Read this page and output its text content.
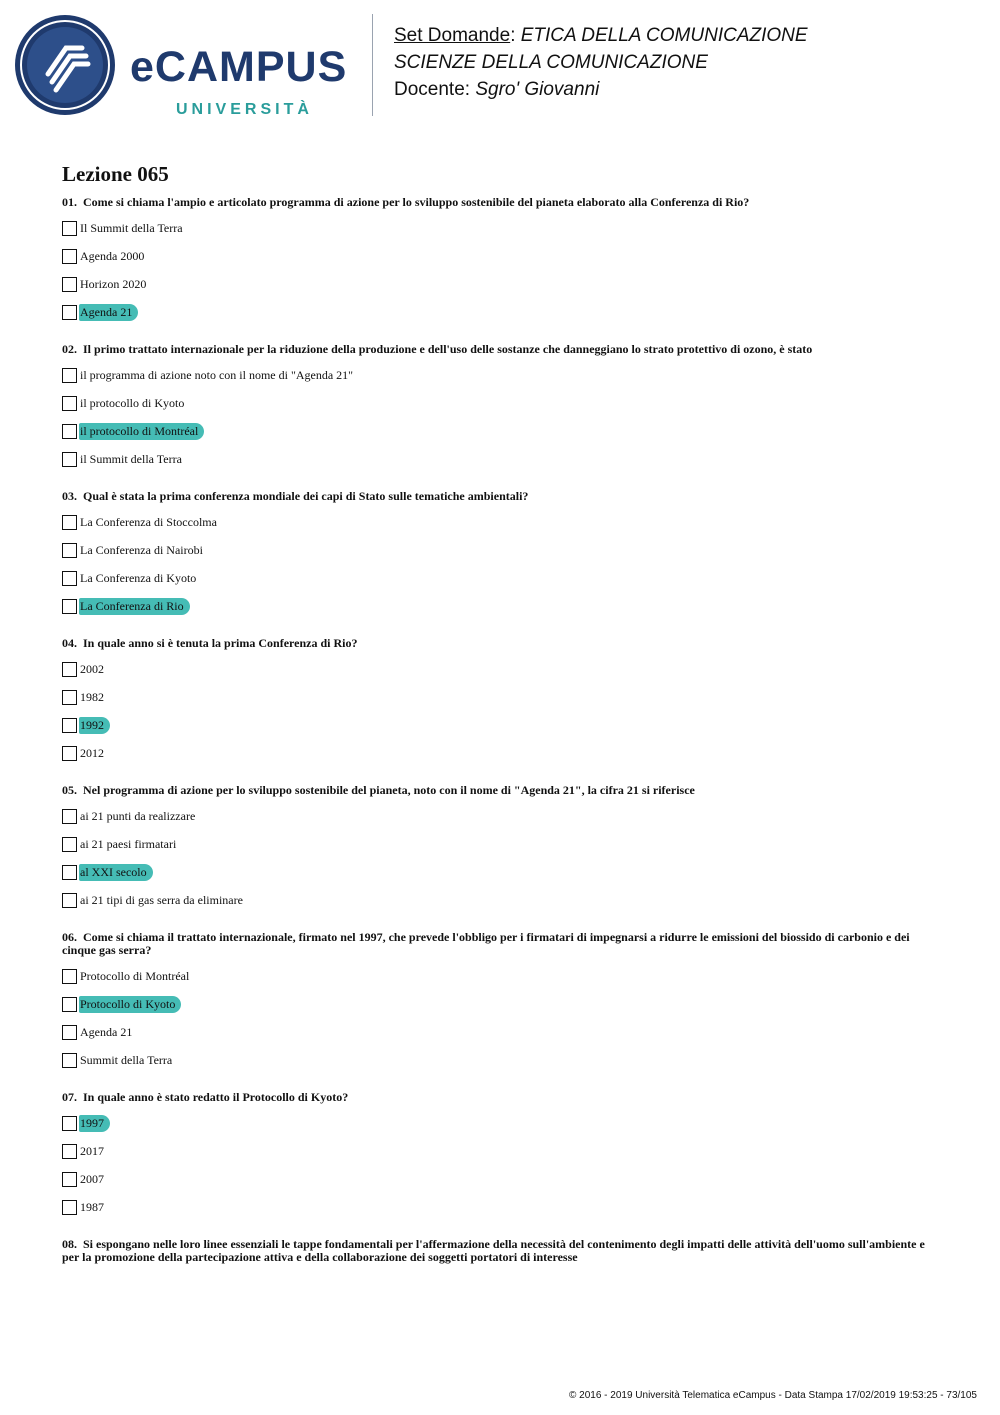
eCAMPUS
UNIVERSITÀ
Set Domande: ETICA DELLA COMUNICAZIONE
SCIENZE DELLA COMUNICAZIONE
Docente: Sgro' Giovanni
Lezione 065
01. Come si chiama l'ampio e articolato programma di azione per lo sviluppo sostenibile del pianeta elaborato alla Conferenza di Rio?
Il Summit della Terra
Agenda 2000
Horizon 2020
Agenda 21
02. Il primo trattato internazionale per la riduzione della produzione e dell'uso delle sostanze che danneggiano lo strato protettivo di ozono, è stato
il programma di azione noto con il nome di "Agenda 21"
il protocollo di Kyoto
il protocollo di Montréal
il Summit della Terra
03. Qual è stata la prima conferenza mondiale dei capi di Stato sulle tematiche ambientali?
La Conferenza di Stoccolma
La Conferenza di Nairobi
La Conferenza di Kyoto
La Conferenza di Rio
04. In quale anno si è tenuta la prima Conferenza di Rio?
2002
1982
1992
2012
05. Nel programma di azione per lo sviluppo sostenibile del pianeta, noto con il nome di "Agenda 21", la cifra 21 si riferisce
ai 21 punti da realizzare
ai 21 paesi firmatari
al XXI secolo
ai 21 tipi di gas serra da eliminare
06. Come si chiama il trattato internazionale, firmato nel 1997, che prevede l'obbligo per i firmatari di impegnarsi a ridurre le emissioni del biossido di carbonio e dei cinque gas serra?
Protocollo di Montréal
Protocollo di Kyoto
Agenda 21
Summit della Terra
07. In quale anno è stato redatto il Protocollo di Kyoto?
1997
2017
2007
1987
08. Si espongano nelle loro linee essenziali le tappe fondamentali per l'affermazione della necessità del contenimento degli impatti delle attività dell'uomo sull'ambiente e per la promozione della partecipazione attiva e della collaborazione dei soggetti portatori di interesse
© 2016 - 2019 Università Telematica eCampus - Data Stampa 17/02/2019 19:53:25 - 73/105
